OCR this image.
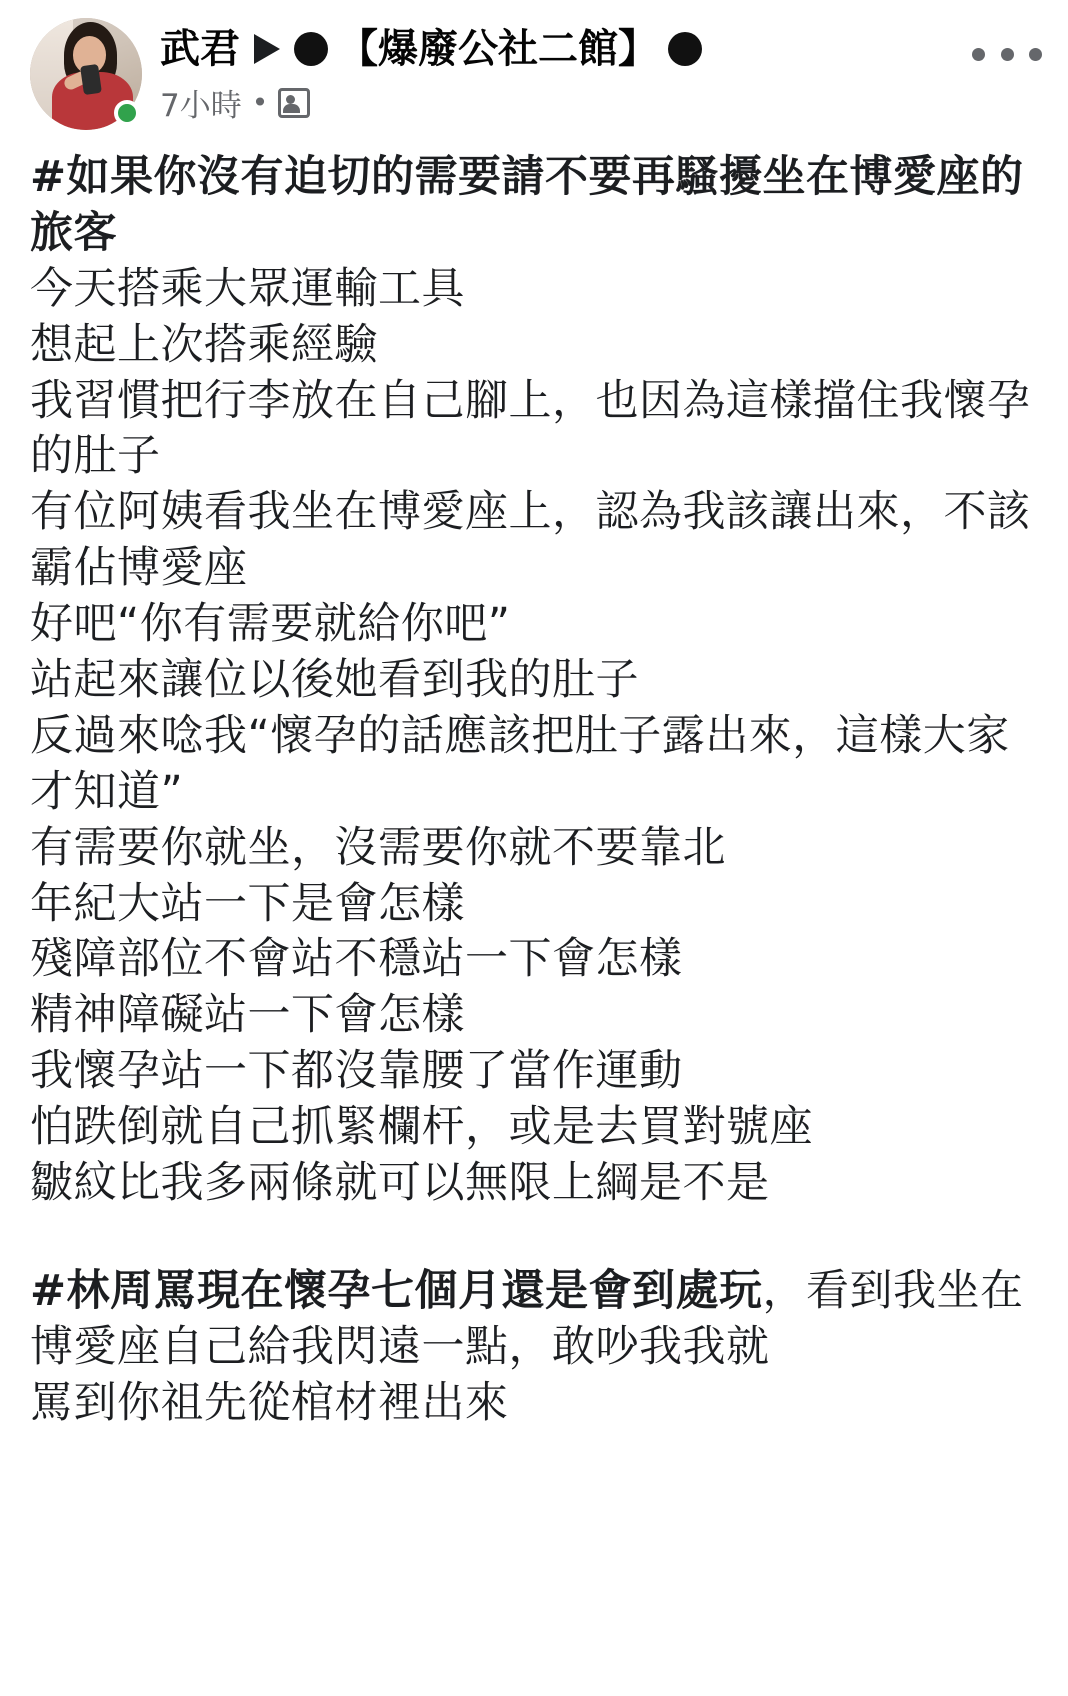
武君 【爆廢公社二館】
7小時 •

#如果你沒有迫切的需要請不要再騷擾坐在博愛座的旅客

今天搭乘大眾運輸工具

想起上次搭乘經驗

我習慣把行李放在自己腳上，也因為這樣擋住我懷孕的肚子

有位阿姨看我坐在博愛座上，認為我該讓出來，不該霸佔博愛座

好吧“你有需要就給你吧”

站起來讓位以後她看到我的肚子

反過來唸我“懷孕的話應該把肚子露出來，這樣大家才知道”

有需要你就坐，沒需要你就不要靠北

年紀大站一下是會怎樣

殘障部位不會站不穩站一下會怎樣

精神障礙站一下會怎樣

我懷孕站一下都沒靠腰了當作運動

怕跌倒就自己抓緊欄杆，或是去買對號座

皺紋比我多兩條就可以無限上綱是不是

#林周罵現在懷孕七個月還是會到處玩，看到我坐在博愛座自己給我閃遠一點，敢吵我我就

罵到你祖先從棺材裡出來
